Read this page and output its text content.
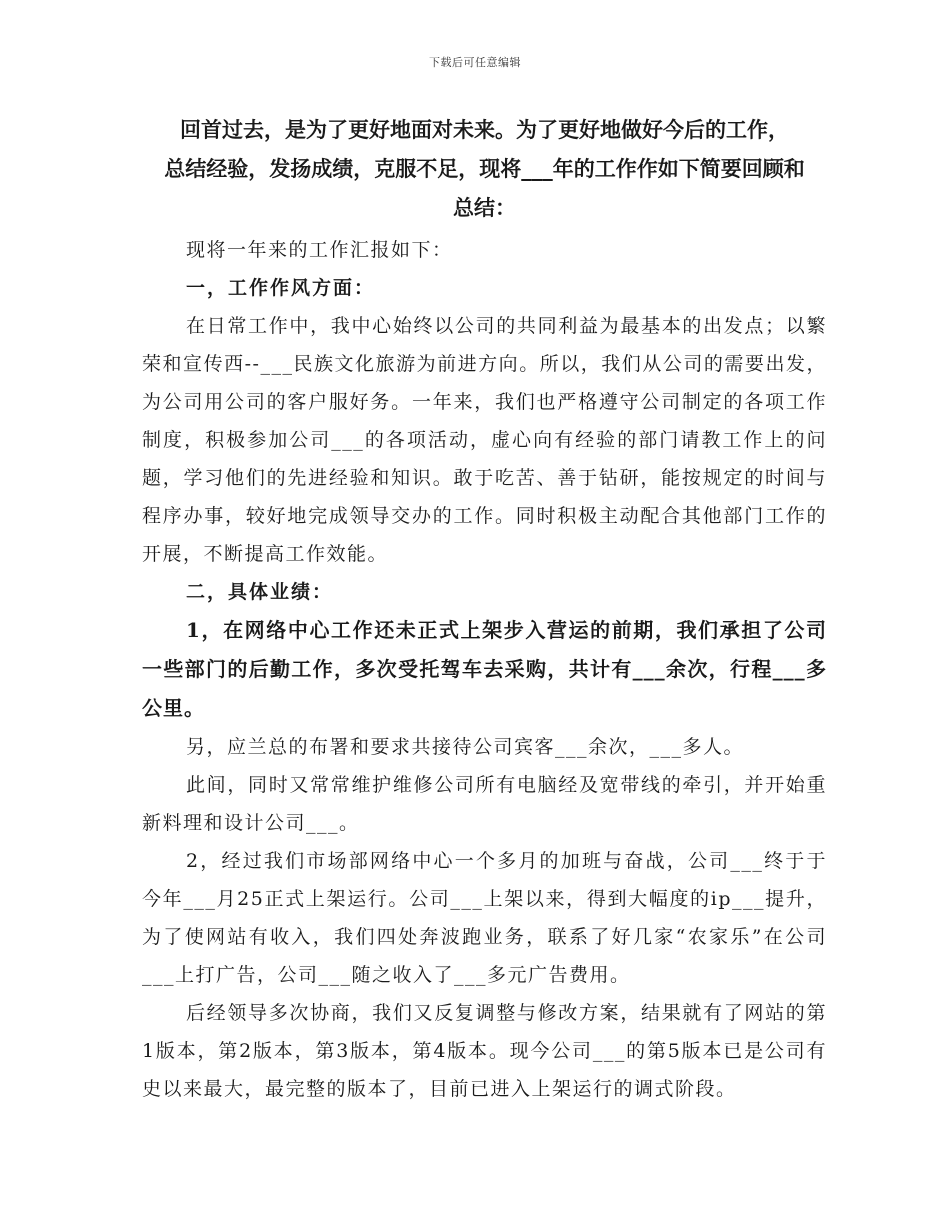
下载后可任意编辑
回首过去，是为了更好地面对未来。为了更好地做好今后的工作，
总结经验，发扬成绩，克服不足，现将___年的工作作如下简要回顾和
总结：

现将一年来的工作汇报如下：

一，工作作风方面：

在日常工作中，我中心始终以公司的共同利益为最基本的出发点；以繁荣和宣传西--___民族文化旅游为前进方向。所以，我们从公司的需要出发，为公司用公司的客户服好务。一年来，我们也严格遵守公司制定的各项工作制度，积极参加公司___的各项活动，虚心向有经验的部门请教工作上的问题，学习他们的先进经验和知识。敢于吃苦、善于钻研，能按规定的时间与程序办事，较好地完成领导交办的工作。同时积极主动配合其他部门工作的开展，不断提高工作效能。

二，具体业绩：

1，在网络中心工作还未正式上架步入营运的前期，我们承担了公司一些部门的后勤工作，多次受托驾车去采购，共计有___余次，行程___多公里。

另，应兰总的布署和要求共接待公司宾客___余次，___多人。

此间，同时又常常维护维修公司所有电脑经及宽带线的牵引，并开始重新料理和设计公司___。

2，经过我们市场部网络中心一个多月的加班与奋战，公司___终于于今年___月25正式上架运行。公司___上架以来，得到大幅度的ip___提升，为了使网站有收入，我们四处奔波跑业务，联系了好几家“农家乐”在公司___上打广告，公司___随之收入了___多元广告费用。

后经领导多次协商，我们又反复调整与修改方案，结果就有了网站的第1版本，第2版本，第3版本，第4版本。现今公司___的第5版本已是公司有史以来最大，最完整的版本了，目前已进入上架运行的调式阶段。
